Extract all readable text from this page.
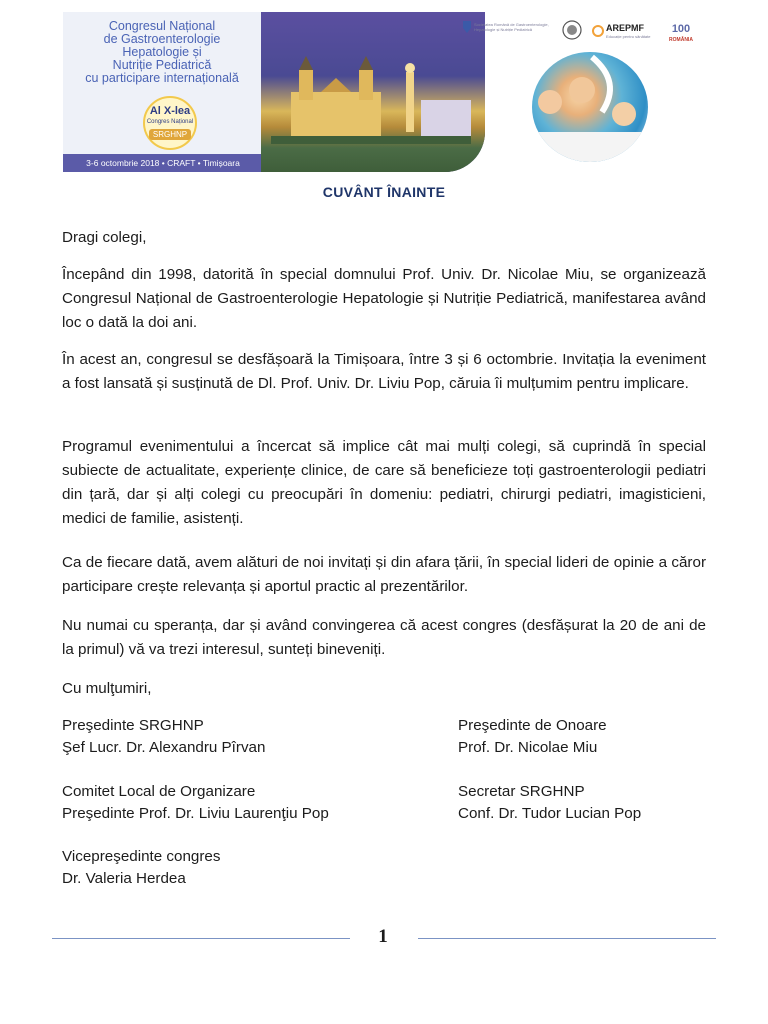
Congresul Național
de Gastroenterologie
Hepatologie și
Nutriție Pediatrică
cu participare internațională
3-6 octombrie 2018 • CRAFT • Timișoara
Al X-lea
Congres Național
SRGHNP
Societatea Română de Gastroenterologie, Hepatologie și Nutriție Pediatrică	AREPMF
Educație pentru sănătate
100
ROMÂNIA
CUVÂNT ÎNAINTE
Dragi colegi,
Începând din 1998, datorită în special domnului Prof. Univ. Dr. Nicolae Miu, se organizează Congresul Național de Gastroenterologie Hepatologie și Nutriție Pediatrică, manifestarea având loc o dată la doi ani.
În acest an, congresul se desfășoară la Timișoara, între 3 și 6 octombrie. Invitația la eveniment a fost lansată și susținută de Dl. Prof. Univ. Dr. Liviu Pop, căruia îi mulțumim pentru implicare.
Programul evenimentului a încercat să implice cât mai mulți colegi, să cuprindă în special subiecte de actualitate, experiențe clinice, de care să beneficieze toți gastroenterologii pediatri din țară, dar și alți colegi cu preocupări în domeniu: pediatri, chirurgi pediatri, imagisticieni, medici de familie, asistenți.
Ca de fiecare dată, avem alături de noi invitați și din afara țării, în special lideri de opinie a căror participare crește relevanța și aportul practic al prezentărilor.
Nu numai cu speranța, dar și având convingerea că acest congres (desfășurat la 20 de ani de la primul) vă va trezi interesul, sunteți bineveniți.
Cu mulţumiri,
Preşedinte SRGHNP
Şef Lucr. Dr. Alexandru Pîrvan
Preşedinte de Onoare
Prof. Dr. Nicolae Miu
Comitet Local de Organizare
Preşedinte Prof. Dr. Liviu Laurenţiu Pop
Secretar SRGHNP
Conf. Dr. Tudor Lucian Pop
Vicepreşedinte congres
Dr. Valeria Herdea
1
